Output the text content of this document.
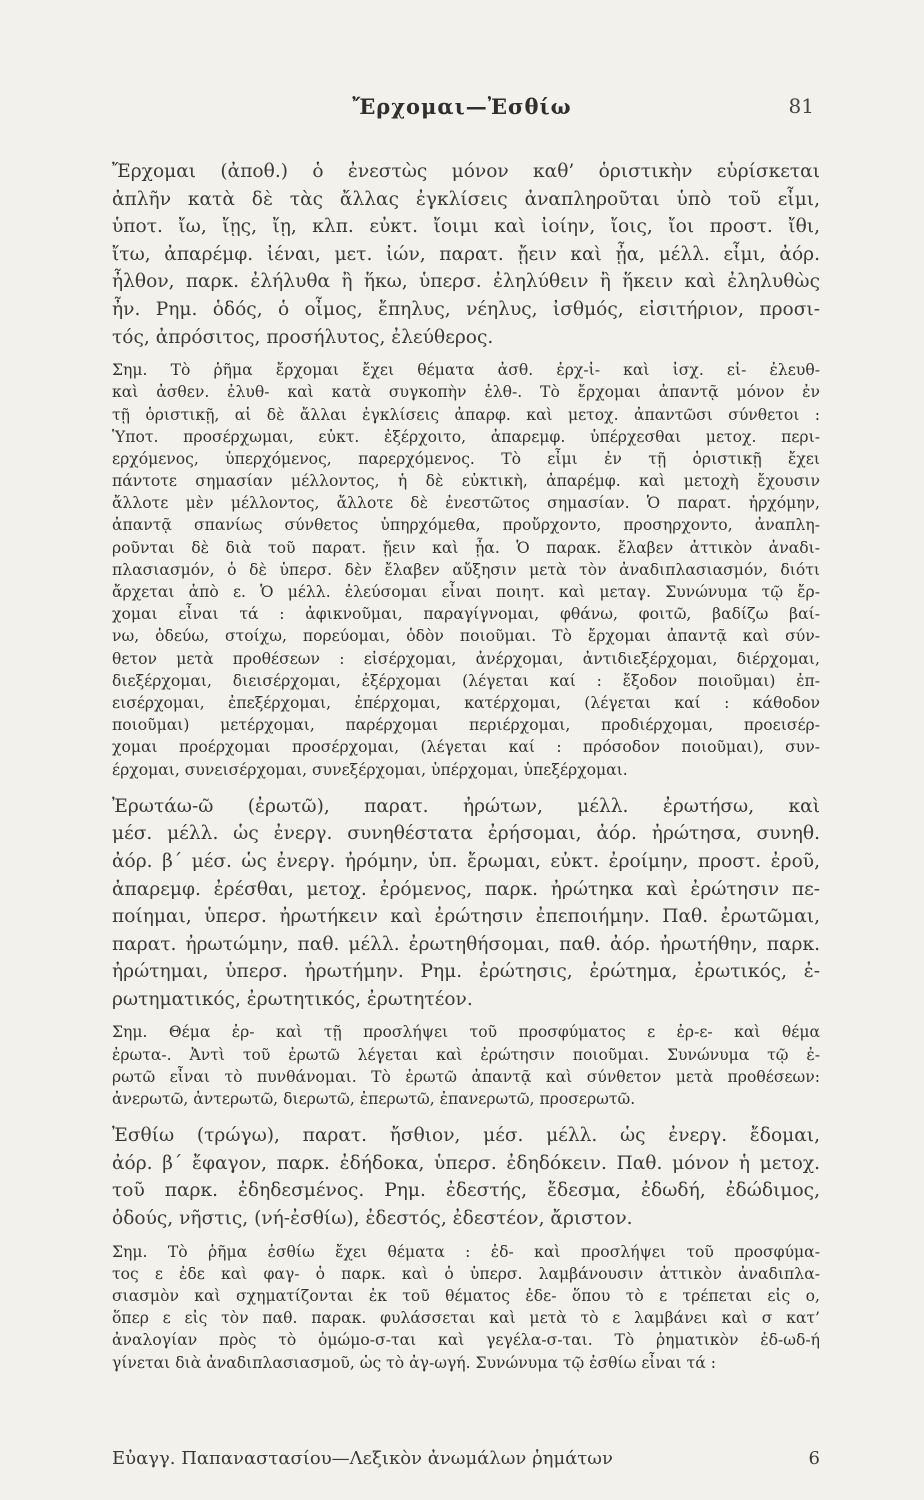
Ἔρχομαι—Ἐσθίω	81
Ἔρχομαι (ἀποθ.) ὁ ἐνεστὼς μόνον καθ’ ὁριστικὴν εὑρίσκεται
ἀπλῆν κατὰ δὲ τὰς ἄλλας ἐγκλίσεις ἀναπληροῦται ὑπὸ τοῦ εἶμι,
ὑποτ. ἴω, ἴῃς, ἴῃ, κλπ. εὐκτ. ἴοιμι καὶ ἰοίην, ἴοις, ἴοι προστ. ἴθι,
ἴτω, ἀπαρέμφ. ἰέναι, μετ. ἰών, παρατ. ᾔειν καὶ ᾖα, μέλλ. εἶμι, ἀόρ.
ἦλθον, παρκ. ἐλήλυθα ἢ ἥκω, ὑπερσ. ἐληλύθειν ἢ ἥκειν καὶ ἐληλυθὼς
ἦν. Ρημ. ὁδός, ὁ οἶμος, ἔπηλυς, νέηλυς, ἰσθμός, εἰσιτήριον, προσι-
τός, ἀπρόσιτος, προσήλυτος, ἐλεύθερος.
Σημ. Τὸ ῥῆμα ἔρχομαι ἔχει θέματα ἀσθ. ἐρχ-ἰ- καὶ ἰσχ. εἰ- ἐλευθ-
καὶ ἀσθεν. ἐλυθ- καὶ κατὰ συγκοπὴν ἐλθ-. Τὸ ἔρχομαι ἀπαντᾷ μόνον ἐν
τῇ ὁριστικῇ, αἱ δὲ ἄλλαι ἐγκλίσεις ἀπαρφ. καὶ μετοχ. ἀπαντῶσι σύνθετοι :
Ὑποτ. προσέρχωμαι, εὐκτ. ἐξέρχοιτο, ἀπαρεμφ. ὑπέρχεσθαι μετοχ. περι-
ερχόμενος, ὑπερχόμενος, παρερχόμενος. Τὸ εἶμι ἐν τῇ ὁριστικῇ ἔχει
πάντοτε σημασίαν μέλλοντος, ἡ δὲ εὐκτικὴ, ἀπαρέμφ. καὶ μετοχὴ ἔχουσιν
ἄλλοτε μὲν μέλλοντος, ἄλλοτε δὲ ἐνεστῶτος σημασίαν. Ὁ παρατ. ἠρχόμην,
ἀπαντᾷ σπανίως σύνθετος ὑπηρχόμεθα, προὔρχοντο, προσηρχοντο, ἀναπλη-
ροῦνται δὲ διὰ τοῦ παρατ. ᾔειν καὶ ᾖα. Ὁ παρακ. ἔλαβεν ἀττικὸν ἀναδι-
πλασιασμόν, ὁ δὲ ὑπερσ. δὲν ἔλαβεν αὔξησιν μετὰ τὸν ἀναδιπλασιασμόν, διότι
ἄρχεται ἀπὸ ε. Ὁ μέλλ. ἐλεύσομαι εἶναι ποιητ. καὶ μεταγ. Συνώνυμα τῷ ἔρ-
χομαι εἶναι τά : ἀφικνοῦμαι, παραγίγνομαι, φθάνω, φοιτῶ, βαδίζω βαί-
νω, ὁδεύω, στοίχω, πορεύομαι, ὁδὸν ποιοῦμαι. Τὸ ἔρχομαι ἀπαντᾷ καὶ σύν-
θετον μετὰ προθέσεων : εἰσέρχομαι, ἀνέρχομαι, ἀντιδιεξέρχομαι, διέρχομαι,
διεξέρχομαι, διεισέρχομαι, ἐξέρχομαι (λέγεται καί : ἔξοδον ποιοῦμαι) ἐπ-
εισέρχομαι, ἐπεξέρχομαι, ἐπέρχομαι, κατέρχομαι, (λέγεται καί : κάθοδον
ποιοῦμαι) μετέρχομαι, παρέρχομαι περιέρχομαι, προδιέρχομαι, προεισέρ-
χομαι προέρχομαι προσέρχομαι, (λέγεται καί : πρόσοδον ποιοῦμαι), συν-
έρχομαι, συνεισέρχομαι, συνεξέρχομαι, ὑπέρχομαι, ὑπεξέρχομαι.
Ἐρωτάω-ῶ (ἐρωτῶ), παρατ. ἠρώτων, μέλλ. ἐρωτήσω, καὶ
μέσ. μέλλ. ὡς ἐνεργ. συνηθέστατα ἐρήσομαι, ἀόρ. ἠρώτησα, συνηθ.
ἀόρ. β΄ μέσ. ὡς ἐνεργ. ἠρόμην, ὑπ. ἔρωμαι, εὐκτ. ἐροίμην, προστ. ἐροῦ,
ἀπαρεμφ. ἐρέσθαι, μετοχ. ἐρόμενος, παρκ. ἠρώτηκα καὶ ἐρώτησιν πε-
ποίημαι, ὑπερσ. ἠρωτήκειν καὶ ἐρώτησιν ἐπεποιήμην. Παθ. ἐρωτῶμαι,
παρατ. ἠρωτώμην, παθ. μέλλ. ἐρωτηθήσομαι, παθ. ἀόρ. ἠρωτήθην, παρκ.
ἠρώτημαι, ὑπερσ. ἠρωτήμην. Ρημ. ἐρώτησις, ἐρώτημα, ἐρωτικός, ἐ-
ρωτηματικός, ἐρωτητικός, ἐρωτητέον.
Σημ. Θέμα ἐρ- καὶ τῇ προσλήψει τοῦ προσφύματος ε ἐρ-ε- καὶ θέμα
ἐρωτα-. Ἀντὶ τοῦ ἐρωτῶ λέγεται καὶ ἐρώτησιν ποιοῦμαι. Συνώνυμα τῷ ἐ-
ρωτῶ εἶναι τὸ πυνθάνομαι. Τὸ ἐρωτῶ ἀπαντᾷ καὶ σύνθετον μετὰ προθέσεων:
ἀνερωτῶ, ἀντερωτῶ, διερωτῶ, ἐπερωτῶ, ἐπανερωτῶ, προσερωτῶ.
Ἐσθίω (τρώγω), παρατ. ἤσθιον, μέσ. μέλλ. ὡς ἐνεργ. ἔδομαι,
ἀόρ. β΄ ἔφαγον, παρκ. ἐδήδοκα, ὑπερσ. ἐδηδόκειν. Παθ. μόνον ἡ μετοχ.
τοῦ παρκ. ἐδηδεσμένος. Ρημ. ἐδεστής, ἔδεσμα, ἐδωδή, ἐδώδιμος,
ὀδούς, νῆστις, (νή-ἐσθίω), ἐδεστός, ἐδεστέον, ἄριστον.
Σημ. Τὸ ῥῆμα ἐσθίω ἔχει θέματα : ἐδ- καὶ προσλήψει τοῦ προσφύμα-
τος ε ἐδε καὶ φαγ- ὁ παρκ. καὶ ὁ ὑπερσ. λαμβάνουσιν ἀττικὸν ἀναδιπλα-
σιασμὸν καὶ σχηματίζονται ἐκ τοῦ θέματος ἐδε- ὅπου τὸ ε τρέπεται εἰς ο,
ὅπερ ε εἰς τὸν παθ. παρακ. φυλάσσεται καὶ μετὰ τὸ ε λαμβάνει καὶ σ κατ’
ἀναλογίαν πρὸς τὸ ὀμώμο-σ-ται καὶ γεγέλα-σ-ται. Τὸ ῥηματικὸν ἐδ-ωδ-ή
γίνεται διὰ ἀναδιπλασιασμοῦ, ὡς τὸ ἀγ-ωγή. Συνώνυμα τῷ ἐσθίω εἶναι τά :
Εὐαγγ. Παπαναστασίου—Λεξικὸν ἀνωμάλων ῥημάτων	6
